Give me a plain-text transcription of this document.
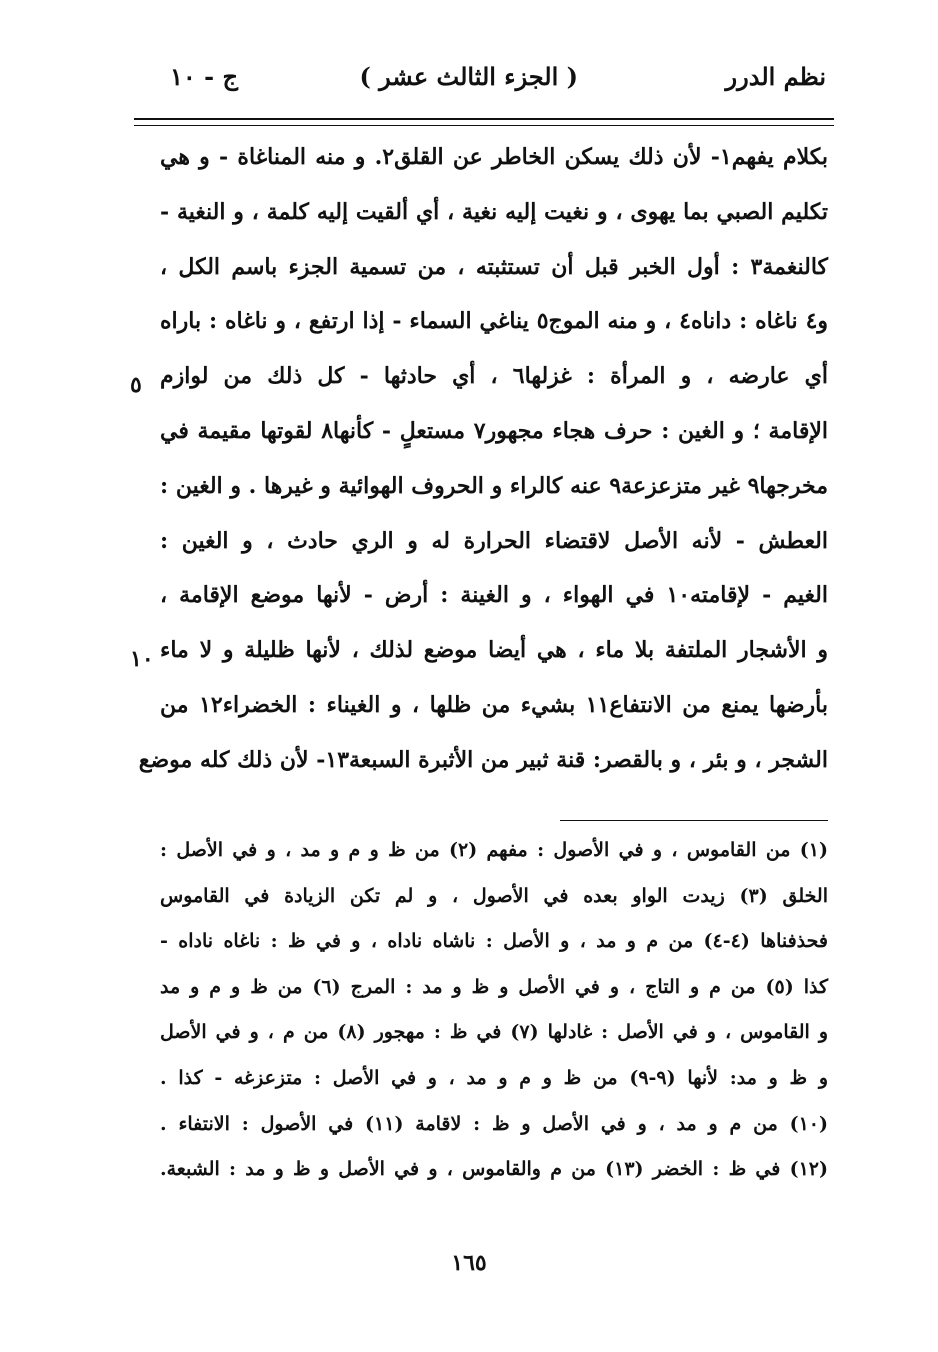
نظم الدرر
( الجزء الثالث عشر )
ج - ١٠
بكلام يفهم١- لأن ذلك يسكن الخاطر عن القلق٢. و منه المناغاة - و هي
تكليم الصبي بما يهوى ، و نغيت إليه نغية ، أي ألقيت إليه كلمة ، و النغية -
كالنغمة٣ : أول الخبر قبل أن تستثبته ، من تسمية الجزء باسم الكل ،
و٤ ناغاه : داناه٤ ، و منه الموج٥ يناغي السماء - إذا ارتفع ، و ناغاه : باراه
أي عارضه ، و المرأة : غزلها٦ ، أي حادثها - كل ذلك من لوازم
الإقامة ؛ و الغين : حرف هجاء مجهور٧ مستعلٍ - كأنها٨ لقوتها مقيمة في
مخرجها٩ غير متزعزعة٩ عنه كالراء و الحروف الهوائية و غيرها . و الغين :
العطش - لأنه الأصل لاقتضاء الحرارة له و الري حادث ، و الغين :
الغيم - لإقامته١٠ في الهواء ، و الغينة : أرض - لأنها موضع الإقامة ،
و الأشجار الملتفة بلا ماء ، هي أيضا موضع لذلك ، لأنها ظليلة و لا ماء
بأرضها يمنع من الانتفاع١١ بشيء من ظلها ، و الغيناء : الخضراء١٢ من
الشجر ، و بئر ، و بالقصر: قنة ثبير من الأثبرة السبعة١٣- لأن ذلك كله موضع
٥
١٠
(١) من القاموس ، و في الأصول : مفهم (٢) من ظ و م و مد ، و في الأصل :
الخلق (٣) زيدت الواو بعده في الأصول ، و لم تكن الزيادة في القاموس
فحذفناها (٤-٤) من م و مد ، و الأصل : ناشاه ناداه ، و في ظ : ناغاه ناداه -
كذا (٥) من م و التاج ، و في الأصل و ظ و مد : المرج (٦) من ظ و م و مد
و القاموس ، و في الأصل : غادلها (٧) في ظ : مهجور (٨) من م ، و في الأصل
و ظ و مد: لأنها (٩-٩) من ظ و م و مد ، و في الأصل : متزعزغه - كذا .
(١٠) من م و مد ، و في الأصل و ظ : لاقامة (١١) في الأصول : الانتفاء .
(١٢) في ظ : الخضر (١٣) من م والقاموس ، و في الأصل و ظ و مد : الشبعة.
١٦٥
